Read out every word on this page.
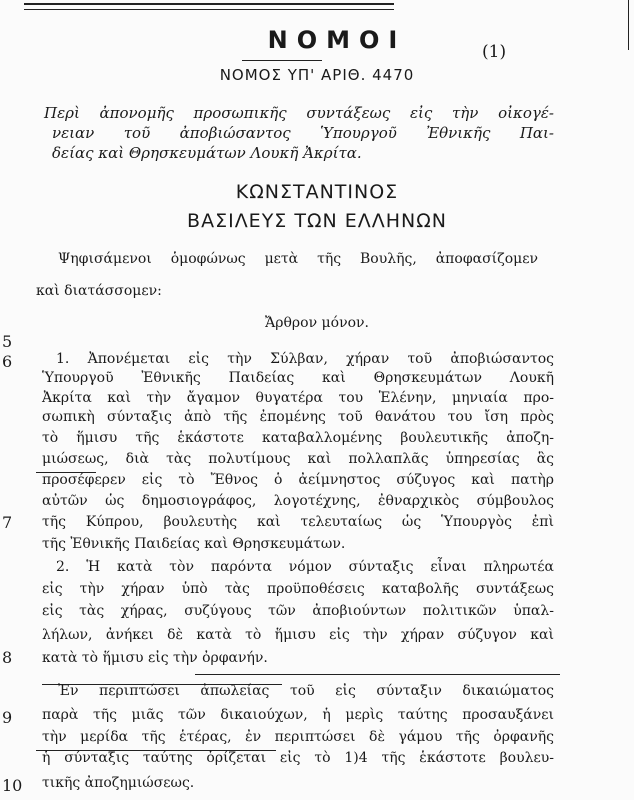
ΝΟΜΟΙ	(1)
ΝΟΜΟΣ ΥΠ' ΑΡΙΘ. 4470
Περὶ ἀπονομῆς προσωπικῆς συντάξεως εἰς τὴν οἰκογέ-
νειαν τοῦ ἀποβιώσαντος Ὑπουργοῦ Ἐθνικῆς Παι-
δείας καὶ Θρησκευμάτων Λουκῆ Ἀκρίτα.
ΚΩΝΣΤΑΝΤΙΝΟΣ
ΒΑΣΙΛΕΥΣ ΤΩΝ ΕΛΛΗΝΩΝ
Ψηφισάμενοι ὁμοφώνως μετὰ τῆς Βουλῆς, ἀποφασίζομεν
καὶ διατάσσομεν:
Ἄρθρον μόνον.
5
6
7
8
9
10
1. Ἀπονέμεται εἰς τὴν Σύλβαν, χήραν τοῦ ἀποβιώσαντος
Ὑπουργοῦ Ἐθνικῆς Παιδείας καὶ Θρησκευμάτων Λουκῆ
Ἀκρίτα καὶ τὴν ἄγαμον θυγατέρα του Ἑλένην, μηνιαία προ-
σωπικὴ σύνταξις ἀπὸ τῆς ἐπομένης τοῦ θανάτου του ἴση πρὸς
τὸ ἥμισυ τῆς ἑκάστοτε καταβαλλομένης βουλευτικῆς ἀποζη-
μιώσεως, διὰ τὰς πολυτίμους καὶ πολλαπλᾶς ὑπηρεσίας ἃς
προσέφερεν εἰς τὸ Ἔθνος ὁ ἀείμνηστος σύζυγος καὶ πατὴρ
αὐτῶν ὡς δημοσιογράφος, λογοτέχνης, ἐθναρχικὸς σύμβουλος
τῆς Κύπρου, βουλευτὴς καὶ τελευταίως ὡς Ὑπουργὸς ἐπὶ
τῆς Ἐθνικῆς Παιδείας καὶ Θρησκευμάτων.
2. Ἡ κατὰ τὸν παρόντα νόμον σύνταξις εἶναι πληρωτέα
εἰς τὴν χήραν ὑπὸ τὰς προϋποθέσεις καταβολῆς συντάξεως
εἰς τὰς χήρας, συζύγους τῶν ἀποβιούντων πολιτικῶν ὑπαλ-
λήλων, ἀνήκει δὲ κατὰ τὸ ἥμισυ εἰς τὴν χήραν σύζυγον καὶ
κατὰ τὸ ἥμισυ εἰς τὴν ὀρφανήν.
Ἐν περιπτώσει ἀπωλείας τοῦ εἰς σύνταξιν δικαιώματος
παρὰ τῆς μιᾶς τῶν δικαιούχων, ἡ μερὶς ταύτης προσαυξάνει
τὴν μερίδα τῆς ἑτέρας, ἐν περιπτώσει δὲ γάμου τῆς ὀρφανῆς
ἡ σύνταξις ταύτης ὁρίζεται εἰς τὸ 1)4 τῆς ἑκάστοτε βουλευ-
τικῆς ἀποζημιώσεως.
